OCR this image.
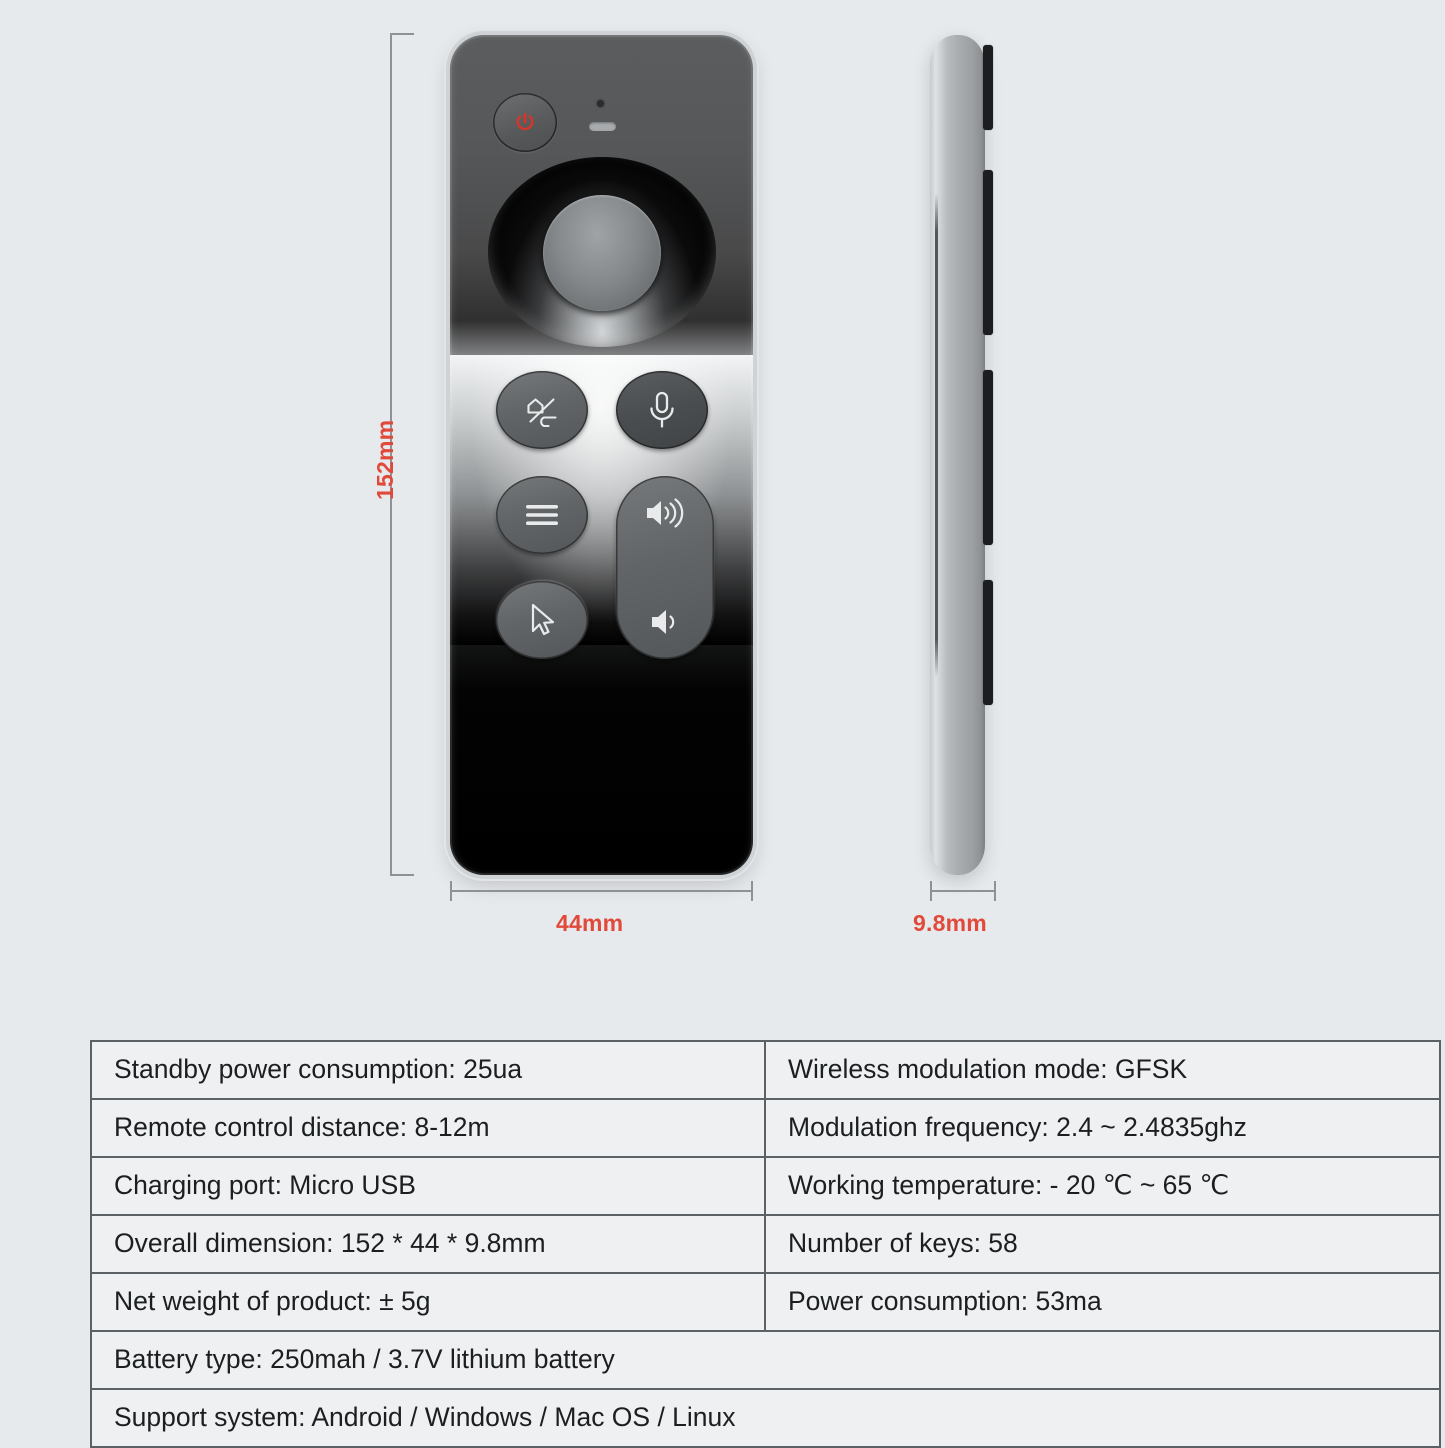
152mm
44mm	9.8mm
Standby power consumption: 25ua	Wireless modulation mode: GFSK
Remote control distance: 8-12m	Modulation frequency: 2.4 ~ 2.4835ghz
Charging port: Micro USB	Working temperature: - 20 ℃ ~ 65 ℃
Overall dimension: 152 * 44 * 9.8mm	Number of keys: 58
Net weight of product: ± 5g	Power consumption: 53ma
Battery type: 250mah / 3.7V lithium battery	
Support system: Android / Windows / Mac OS / Linux	
